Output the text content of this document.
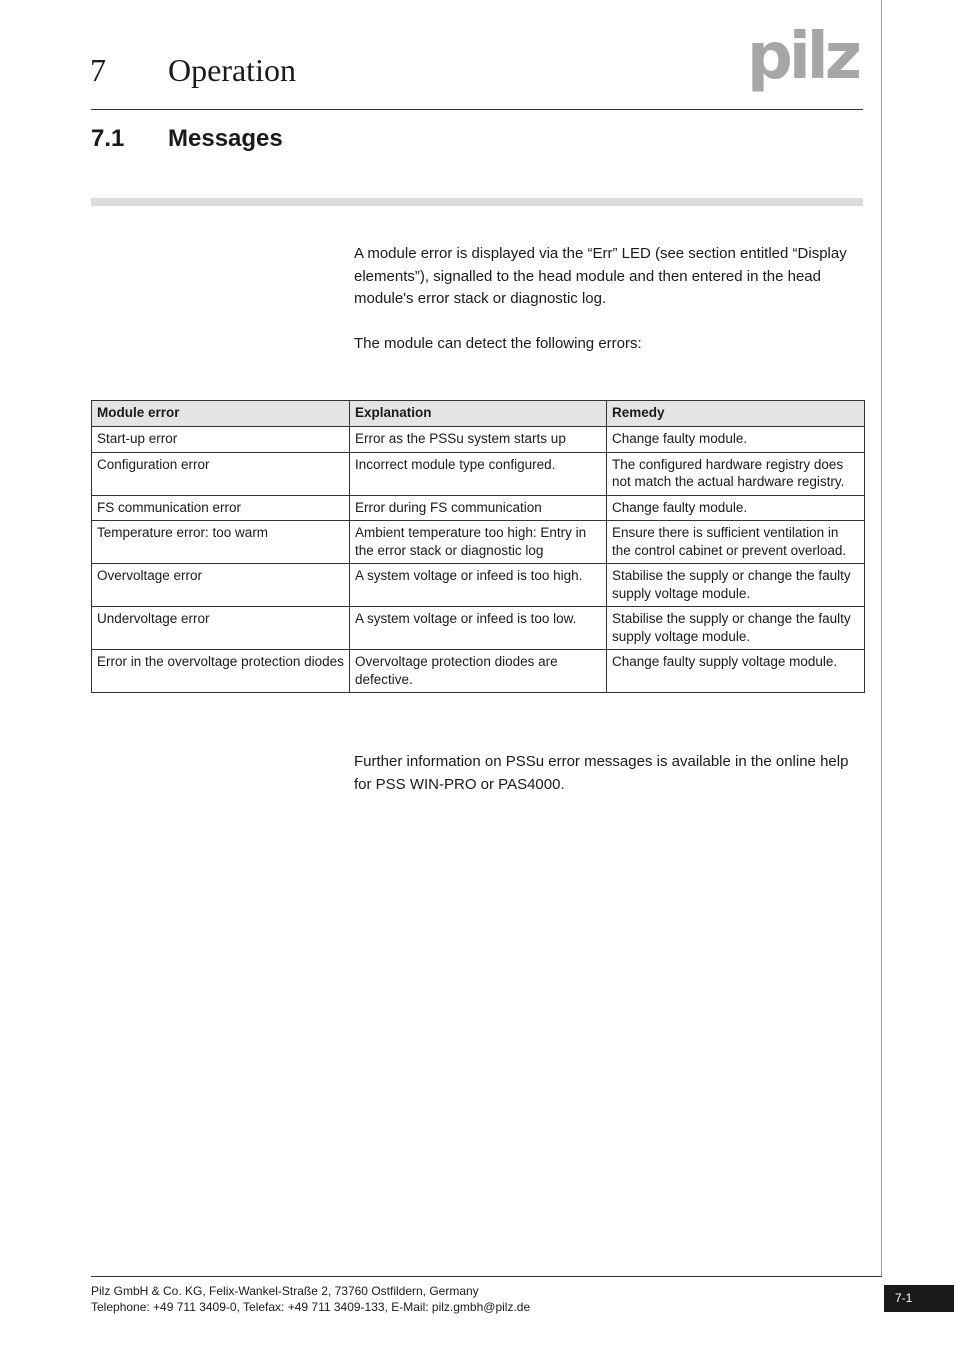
7 Operation	pilz
7.1 Messages

A module error is displayed via the “Err” LED (see section entitled “Display elements”), signalled to the head module and then entered in the head module's error stack or diagnostic log.

The module can detect the following errors:

Module error	Explanation	Remedy
Start-up error	Error as the PSSu system starts up	Change faulty module.
Configuration error	Incorrect module type configured.	The configured hardware registry does not match the actual hardware registry.
FS communication error	Error during FS communication	Change faulty module.
Temperature error: too warm	Ambient temperature too high: Entry in the error stack or diagnostic log	Ensure there is sufficient ventilation in the control cabinet or prevent overload.
Overvoltage error	A system voltage or infeed is too high.	Stabilise the supply or change the faulty supply voltage module.
Undervoltage error	A system voltage or infeed is too low.	Stabilise the supply or change the faulty supply voltage module.
Error in the overvoltage protection diodes	Overvoltage protection diodes are defective.	Change faulty supply voltage module.

Further information on PSSu error messages is available in the online help for PSS WIN-PRO or PAS4000.

Pilz GmbH & Co. KG, Felix-Wankel-Straße 2, 73760 Ostfildern, Germany
Telephone: +49 711 3409-0, Telefax: +49 711 3409-133, E-Mail: pilz.gmbh@pilz.de
7-1
